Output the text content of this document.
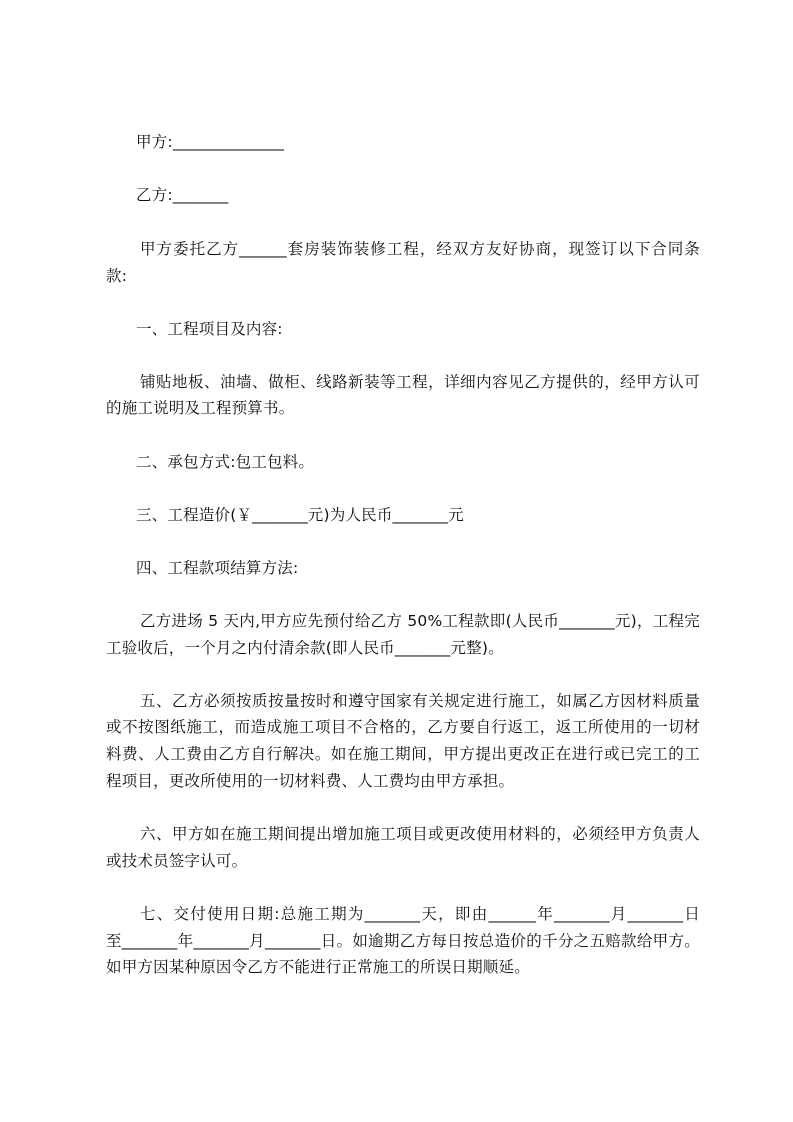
甲方:______________
乙方:_______
甲方委托乙方______套房装饰装修工程，经双方友好协商，现签订以下合同条
款:
一、工程项目及内容:
铺贴地板、油墙、做柜、线路新装等工程，详细内容见乙方提供的，经甲方认可
的施工说明及工程预算书。
二、承包方式:包工包料。
三、工程造价(￥_______元)为人民币_______元
四、工程款项结算方法:
乙方进场 5 天内,甲方应先预付给乙方 50%工程款即(人民币_______元)，工程完
工验收后，一个月之内付清余款(即人民币_______元整)。
五、乙方必须按质按量按时和遵守国家有关规定进行施工，如属乙方因材料质量
或不按图纸施工，而造成施工项目不合格的，乙方要自行返工，返工所使用的一切材
料费、人工费由乙方自行解决。如在施工期间，甲方提出更改正在进行或已完工的工
程项目，更改所使用的一切材料费、人工费均由甲方承担。
六、甲方如在施工期间提出增加施工项目或更改使用材料的，必须经甲方负责人
或技术员签字认可。
七、交付使用日期:总施工期为_______天，即由______年_______月_______日
至_______年_______月_______日。如逾期乙方每日按总造价的千分之五赔款给甲方。
如甲方因某种原因令乙方不能进行正常施工的所误日期顺延。
